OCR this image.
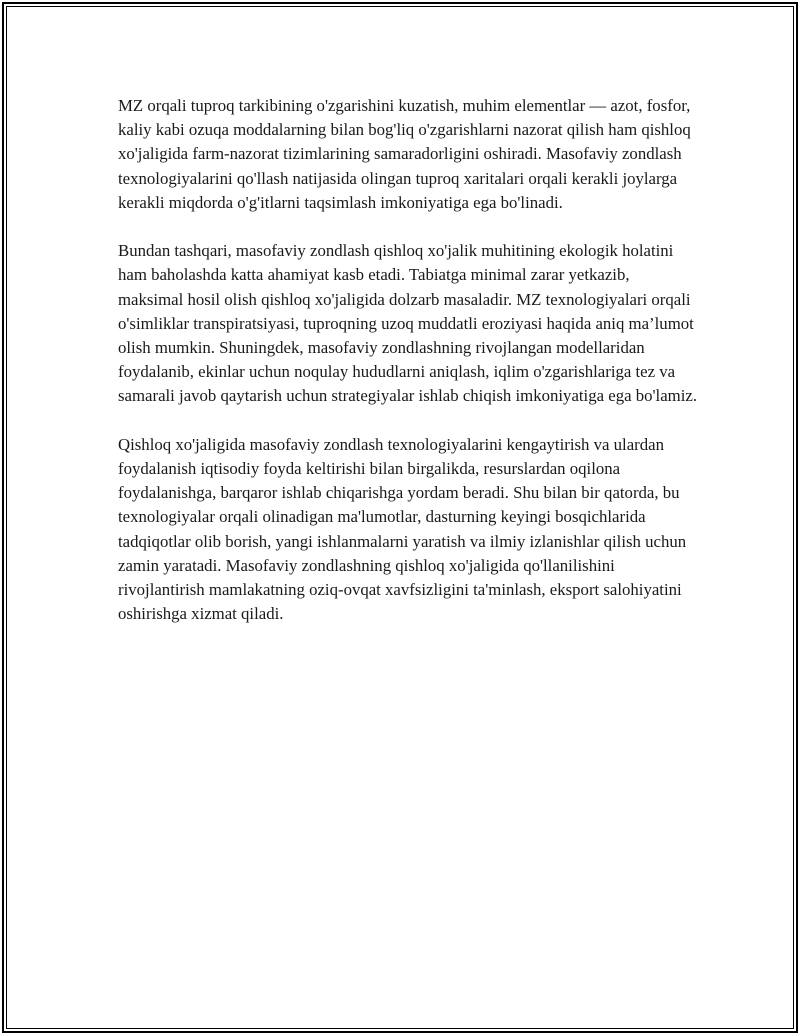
MZ orqali tuproq tarkibining o'zgarishini kuzatish, muhim elementlar — azot, fosfor, kaliy kabi ozuqa moddalarning bilan bog'liq o'zgarishlarni nazorat qilish ham qishloq xo'jaligida farm-nazorat tizimlarining samaradorligini oshiradi. Masofaviy zondlash texnologiyalarini qo'llash natijasida olingan tuproq xaritalari orqali kerakli joylarga kerakli miqdorda o'g'itlarni taqsimlash imkoniyatiga ega bo'linadi.

Bundan tashqari, masofaviy zondlash qishloq xo'jalik muhitining ekologik holatini ham baholashda katta ahamiyat kasb etadi. Tabiatga minimal zarar yetkazib, maksimal hosil olish qishloq xo'jaligida dolzarb masaladir. MZ texnologiyalari orqali o'simliklar transpiratsiyasi, tuproqning uzoq muddatli eroziyasi haqida aniq ma’lumot olish mumkin. Shuningdek, masofaviy zondlashning rivojlangan modellaridan foydalanib, ekinlar uchun noqulay hududlarni aniqlash, iqlim o'zgarishlariga tez va samarali javob qaytarish uchun strategiyalar ishlab chiqish imkoniyatiga ega bo'lamiz.

Qishloq xo'jaligida masofaviy zondlash texnologiyalarini kengaytirish va ulardan foydalanish iqtisodiy foyda keltirishi bilan birgalikda, resurslardan oqilona foydalanishga, barqaror ishlab chiqarishga yordam beradi. Shu bilan bir qatorda, bu texnologiyalar orqali olinadigan ma'lumotlar, dasturning keyingi bosqichlarida tadqiqotlar olib borish, yangi ishlanmalarni yaratish va ilmiy izlanishlar qilish uchun zamin yaratadi. Masofaviy zondlashning qishloq xo'jaligida qo'llanilishini rivojlantirish mamlakatning oziq-ovqat xavfsizligini ta'minlash, eksport salohiyatini oshirishga xizmat qiladi.
